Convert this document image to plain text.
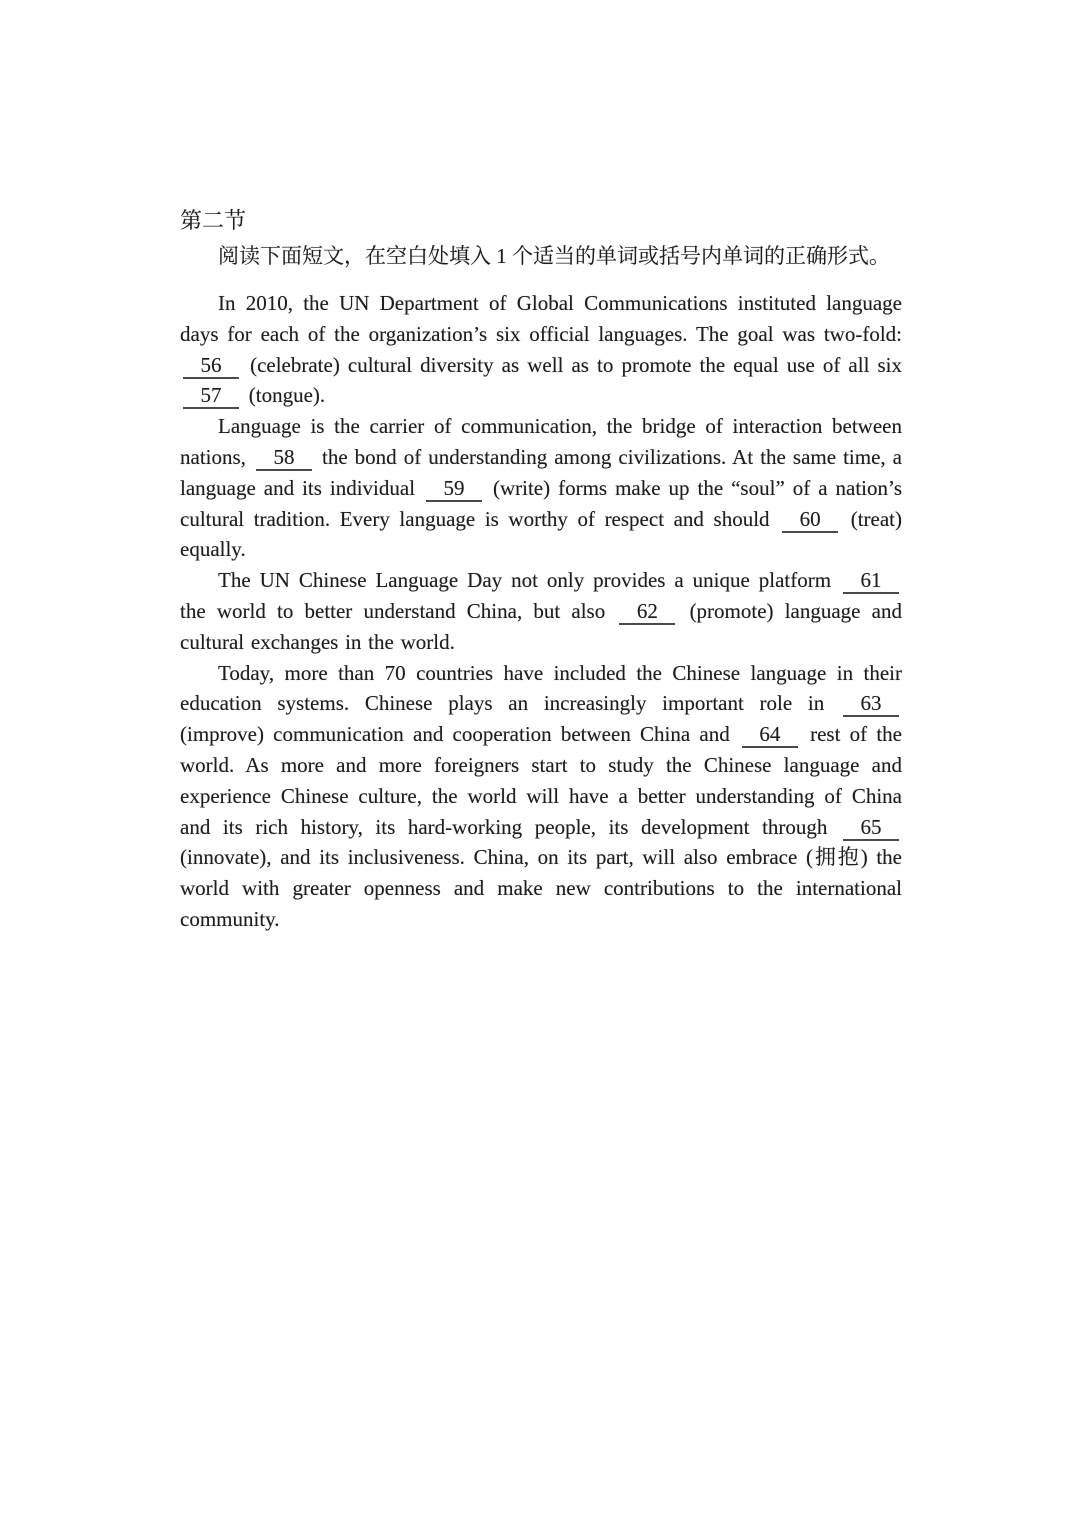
第二节
阅读下面短文，在空白处填入 1 个适当的单词或括号内单词的正确形式。

In 2010, the UN Department of Global Communications instituted language days for each of the organization’s six official languages. The goal was two-fold: 56 (celebrate) cultural diversity as well as to promote the equal use of all six 57 (tongue).

Language is the carrier of communication, the bridge of interaction between nations, 58 the bond of understanding among civilizations. At the same time, a language and its individual 59 (write) forms make up the “soul” of a nation’s cultural tradition. Every language is worthy of respect and should 60 (treat) equally.

The UN Chinese Language Day not only provides a unique platform 61 the world to better understand China, but also 62 (promote) language and cultural exchanges in the world.

Today, more than 70 countries have included the Chinese language in their education systems. Chinese plays an increasingly important role in 63 (improve) communication and cooperation between China and 64 rest of the world. As more and more foreigners start to study the Chinese language and experience Chinese culture, the world will have a better understanding of China and its rich history, its hard-working people, its development through 65 (innovate), and its inclusiveness. China, on its part, will also embrace (拥抱) the world with greater openness and make new contributions to the international community.
